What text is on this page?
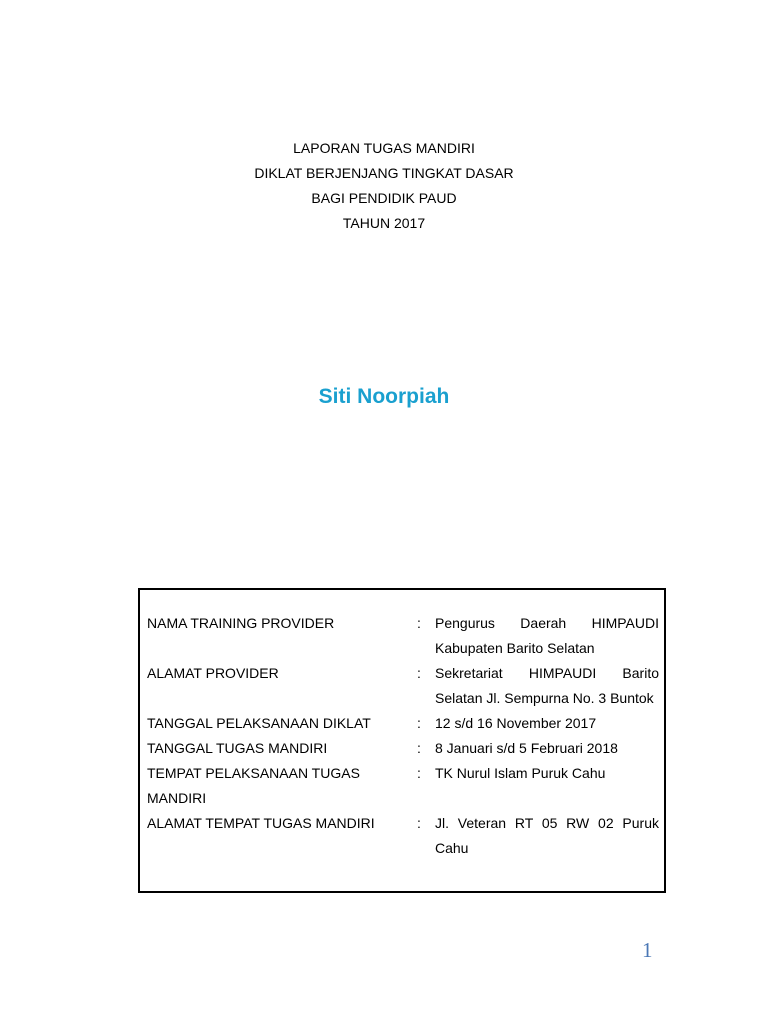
LAPORAN TUGAS MANDIRI
DIKLAT BERJENJANG TINGKAT DASAR
BAGI PENDIDIK PAUD
TAHUN 2017
Siti Noorpiah
NAMA TRAINING PROVIDER	:	Pengurus Daerah HIMPAUDI Kabupaten Barito Selatan
ALAMAT PROVIDER	:	Sekretariat HIMPAUDI Barito Selatan Jl. Sempurna No. 3 Buntok
TANGGAL PELAKSANAAN DIKLAT	:	12 s/d 16 November 2017
TANGGAL TUGAS MANDIRI	:	8 Januari s/d 5 Februari 2018
TEMPAT PELAKSANAAN TUGAS MANDIRI	:	TK Nurul Islam Puruk Cahu
ALAMAT TEMPAT TUGAS MANDIRI	:	Jl. Veteran RT 05 RW 02 Puruk Cahu
1
